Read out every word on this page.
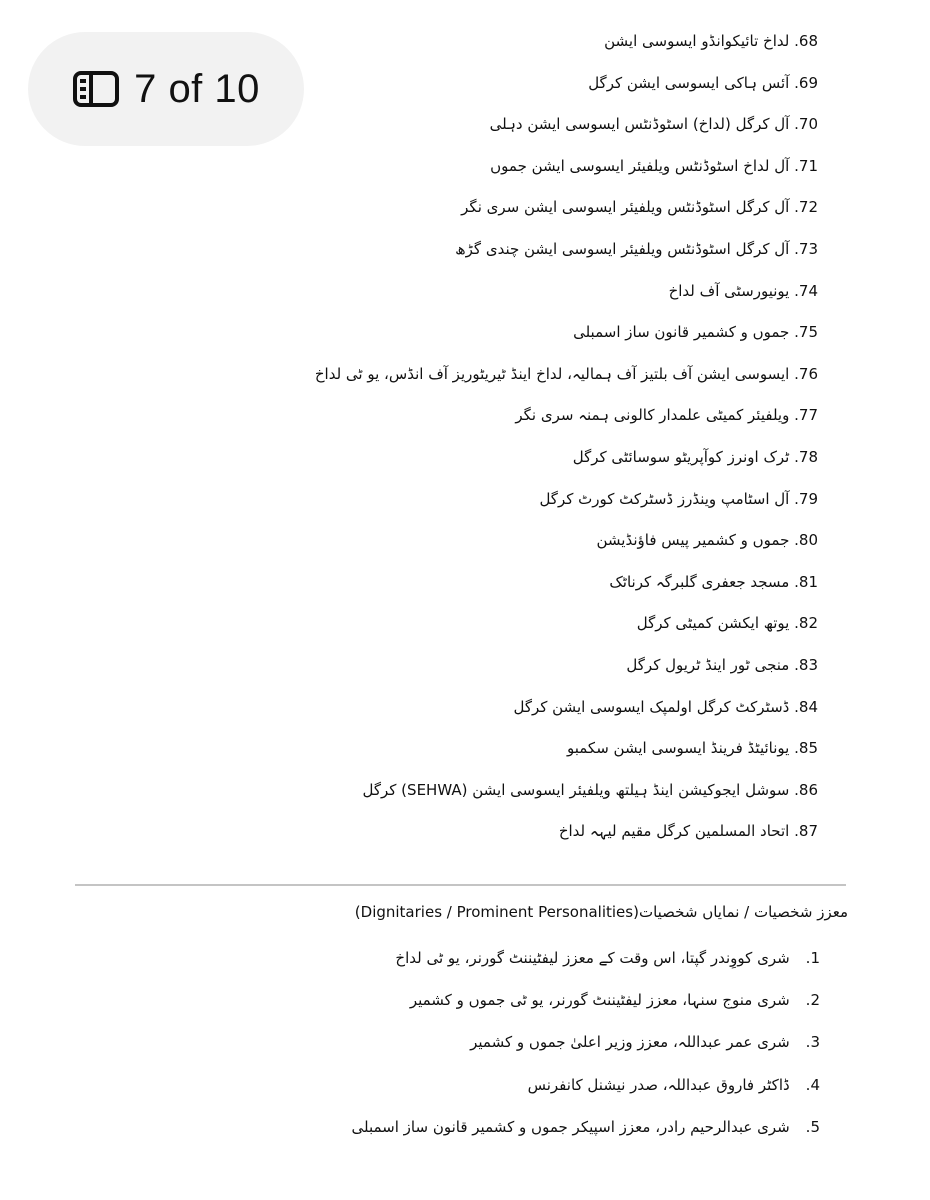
7 of 10
68. لداخ تائیکوانڈو ایسوسی ایشن
69. آئس ہاکی ایسوسی ایشن کرگل
70. آل کرگل (لداخ) اسٹوڈنٹس ایسوسی ایشن دہلی
71. آل لداخ اسٹوڈنٹس ویلفیئر ایسوسی ایشن جموں
72. آل کرگل اسٹوڈنٹس ویلفیئر ایسوسی ایشن سری نگر
73. آل کرگل اسٹوڈنٹس ویلفیئر ایسوسی ایشن چندی گڑھ
74. یونیورسٹی آف لداخ
75. جموں و کشمیر قانون ساز اسمبلی
76. ایسوسی ایشن آف بلتیز آف ہمالیہ، لداخ اینڈ ٹیریٹوریز آف انڈس، یو ٹی لداخ
77. ویلفیئر کمیٹی علمدار کالونی ہمنہ سری نگر
78. ٹرک اونرز کوآپریٹو سوسائٹی کرگل
79. آل اسٹامپ وینڈرز ڈسٹرکٹ کورٹ کرگل
80. جموں و کشمیر پیس فاؤنڈیشن
81. مسجد جعفری گلبرگہ کرناٹک
82. یوتھ ایکشن کمیٹی کرگل
83. منجی ٹور اینڈ ٹریول کرگل
84. ڈسٹرکٹ کرگل اولمپک ایسوسی ایشن کرگل
85. یونائیٹڈ فرینڈ ایسوسی ایشن سکمبو
86. سوشل ایجوکیشن اینڈ ہیلتھ ویلفیئر ایسوسی ایشن (SEHWA) کرگل
87. اتحاد المسلمین کرگل مقیم لیہہ لداخ
معزز شخصیات / نمایاں شخصیات(Dignitaries / Prominent Personalities)
1.شری کووِندر گپتا، اس وقت کے معزز لیفٹیننٹ گورنر، یو ٹی لداخ
2.شری منوج سنہا، معزز لیفٹیننٹ گورنر، یو ٹی جموں و کشمیر
3.شری عمر عبداللہ، معزز وزیر اعلیٰ جموں و کشمیر
4.ڈاکٹر فاروق عبداللہ، صدر نیشنل کانفرنس
5.شری عبدالرحیم رادر، معزز اسپیکر جموں و کشمیر قانون ساز اسمبلی
